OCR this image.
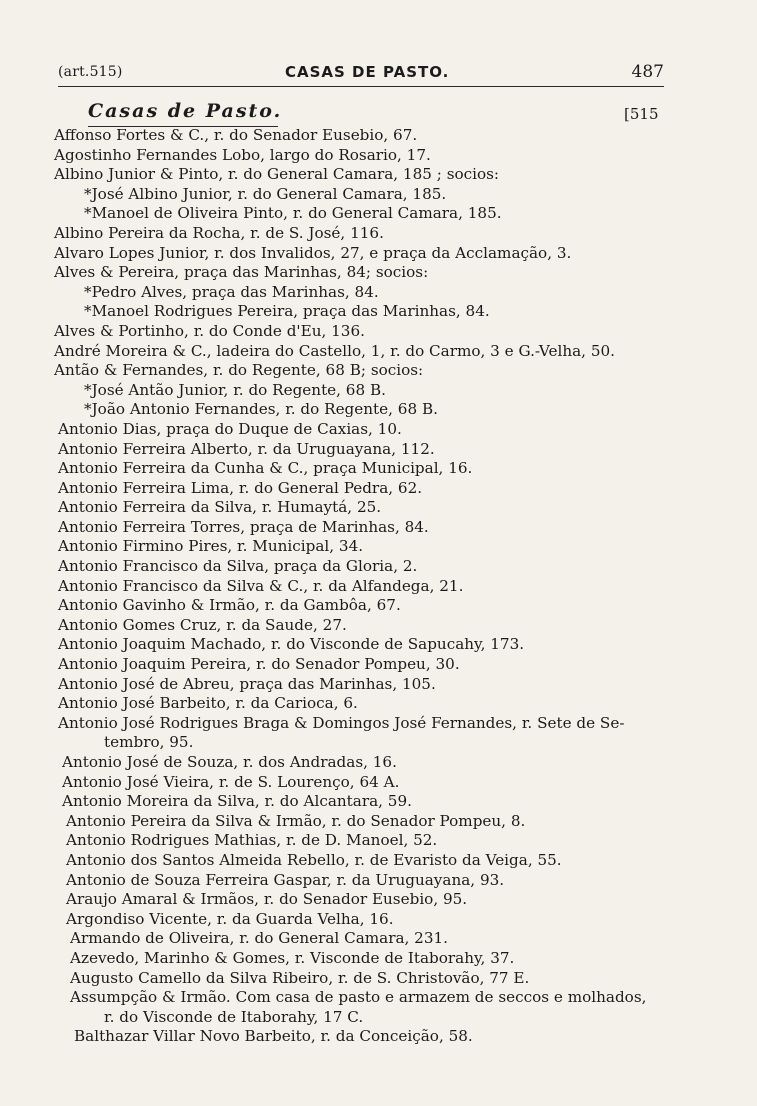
(art.515)	CASAS DE PASTO.	487
Casas de Pasto.	[515
Affonso Fortes & C., r. do Senador Eusebio, 67.
Agostinho Fernandes Lobo, largo do Rosario, 17.
Albino Junior & Pinto, r. do General Camara, 185 ; socios:
*José Albino Junior, r. do General Camara, 185.
*Manoel de Oliveira Pinto, r. do General Camara, 185.
Albino Pereira da Rocha, r. de S. José, 116.
Alvaro Lopes Junior, r. dos Invalidos, 27, e praça da Acclamação, 3.
Alves & Pereira, praça das Marinhas, 84; socios:
*Pedro Alves, praça das Marinhas, 84.
*Manoel Rodrigues Pereira, praça das Marinhas, 84.
Alves & Portinho, r. do Conde d'Eu, 136.
André Moreira & C., ladeira do Castello, 1, r. do Carmo, 3 e G.-Velha, 50.
Antão & Fernandes, r. do Regente, 68 B; socios:
*José Antão Junior, r. do Regente, 68 B.
*João Antonio Fernandes, r. do Regente, 68 B.
Antonio Dias, praça do Duque de Caxias, 10.
Antonio Ferreira Alberto, r. da Uruguayana, 112.
Antonio Ferreira da Cunha & C., praça Municipal, 16.
Antonio Ferreira Lima, r. do General Pedra, 62.
Antonio Ferreira da Silva, r. Humaytá, 25.
Antonio Ferreira Torres, praça de Marinhas, 84.
Antonio Firmino Pires, r. Municipal, 34.
Antonio Francisco da Silva, praça da Gloria, 2.
Antonio Francisco da Silva & C., r. da Alfandega, 21.
Antonio Gavinho & Irmão, r. da Gambôa, 67.
Antonio Gomes Cruz, r. da Saude, 27.
Antonio Joaquim Machado, r. do Visconde de Sapucahy, 173.
Antonio Joaquim Pereira, r. do Senador Pompeu, 30.
Antonio José de Abreu, praça das Marinhas, 105.
Antonio José Barbeito, r. da Carioca, 6.
Antonio José Rodrigues Braga & Domingos José Fernandes, r. Sete de Se-
tembro, 95.
Antonio José de Souza, r. dos Andradas, 16.
Antonio José Vieira, r. de S. Lourenço, 64 A.
Antonio Moreira da Silva, r. do Alcantara, 59.
Antonio Pereira da Silva & Irmão, r. do Senador Pompeu, 8.
Antonio Rodrigues Mathias, r. de D. Manoel, 52.
Antonio dos Santos Almeida Rebello, r. de Evaristo da Veiga, 55.
Antonio de Souza Ferreira Gaspar, r. da Uruguayana, 93.
Araujo Amaral & Irmãos, r. do Senador Eusebio, 95.
Argondiso Vicente, r. da Guarda Velha, 16.
Armando de Oliveira, r. do General Camara, 231.
Azevedo, Marinho & Gomes, r. Visconde de Itaborahy, 37.
Augusto Camello da Silva Ribeiro, r. de S. Christovão, 77 E.
Assumpção & Irmão. Com casa de pasto e armazem de seccos e molhados,
r. do Visconde de Itaborahy, 17 C.
Balthazar Villar Novo Barbeito, r. da Conceição, 58.
